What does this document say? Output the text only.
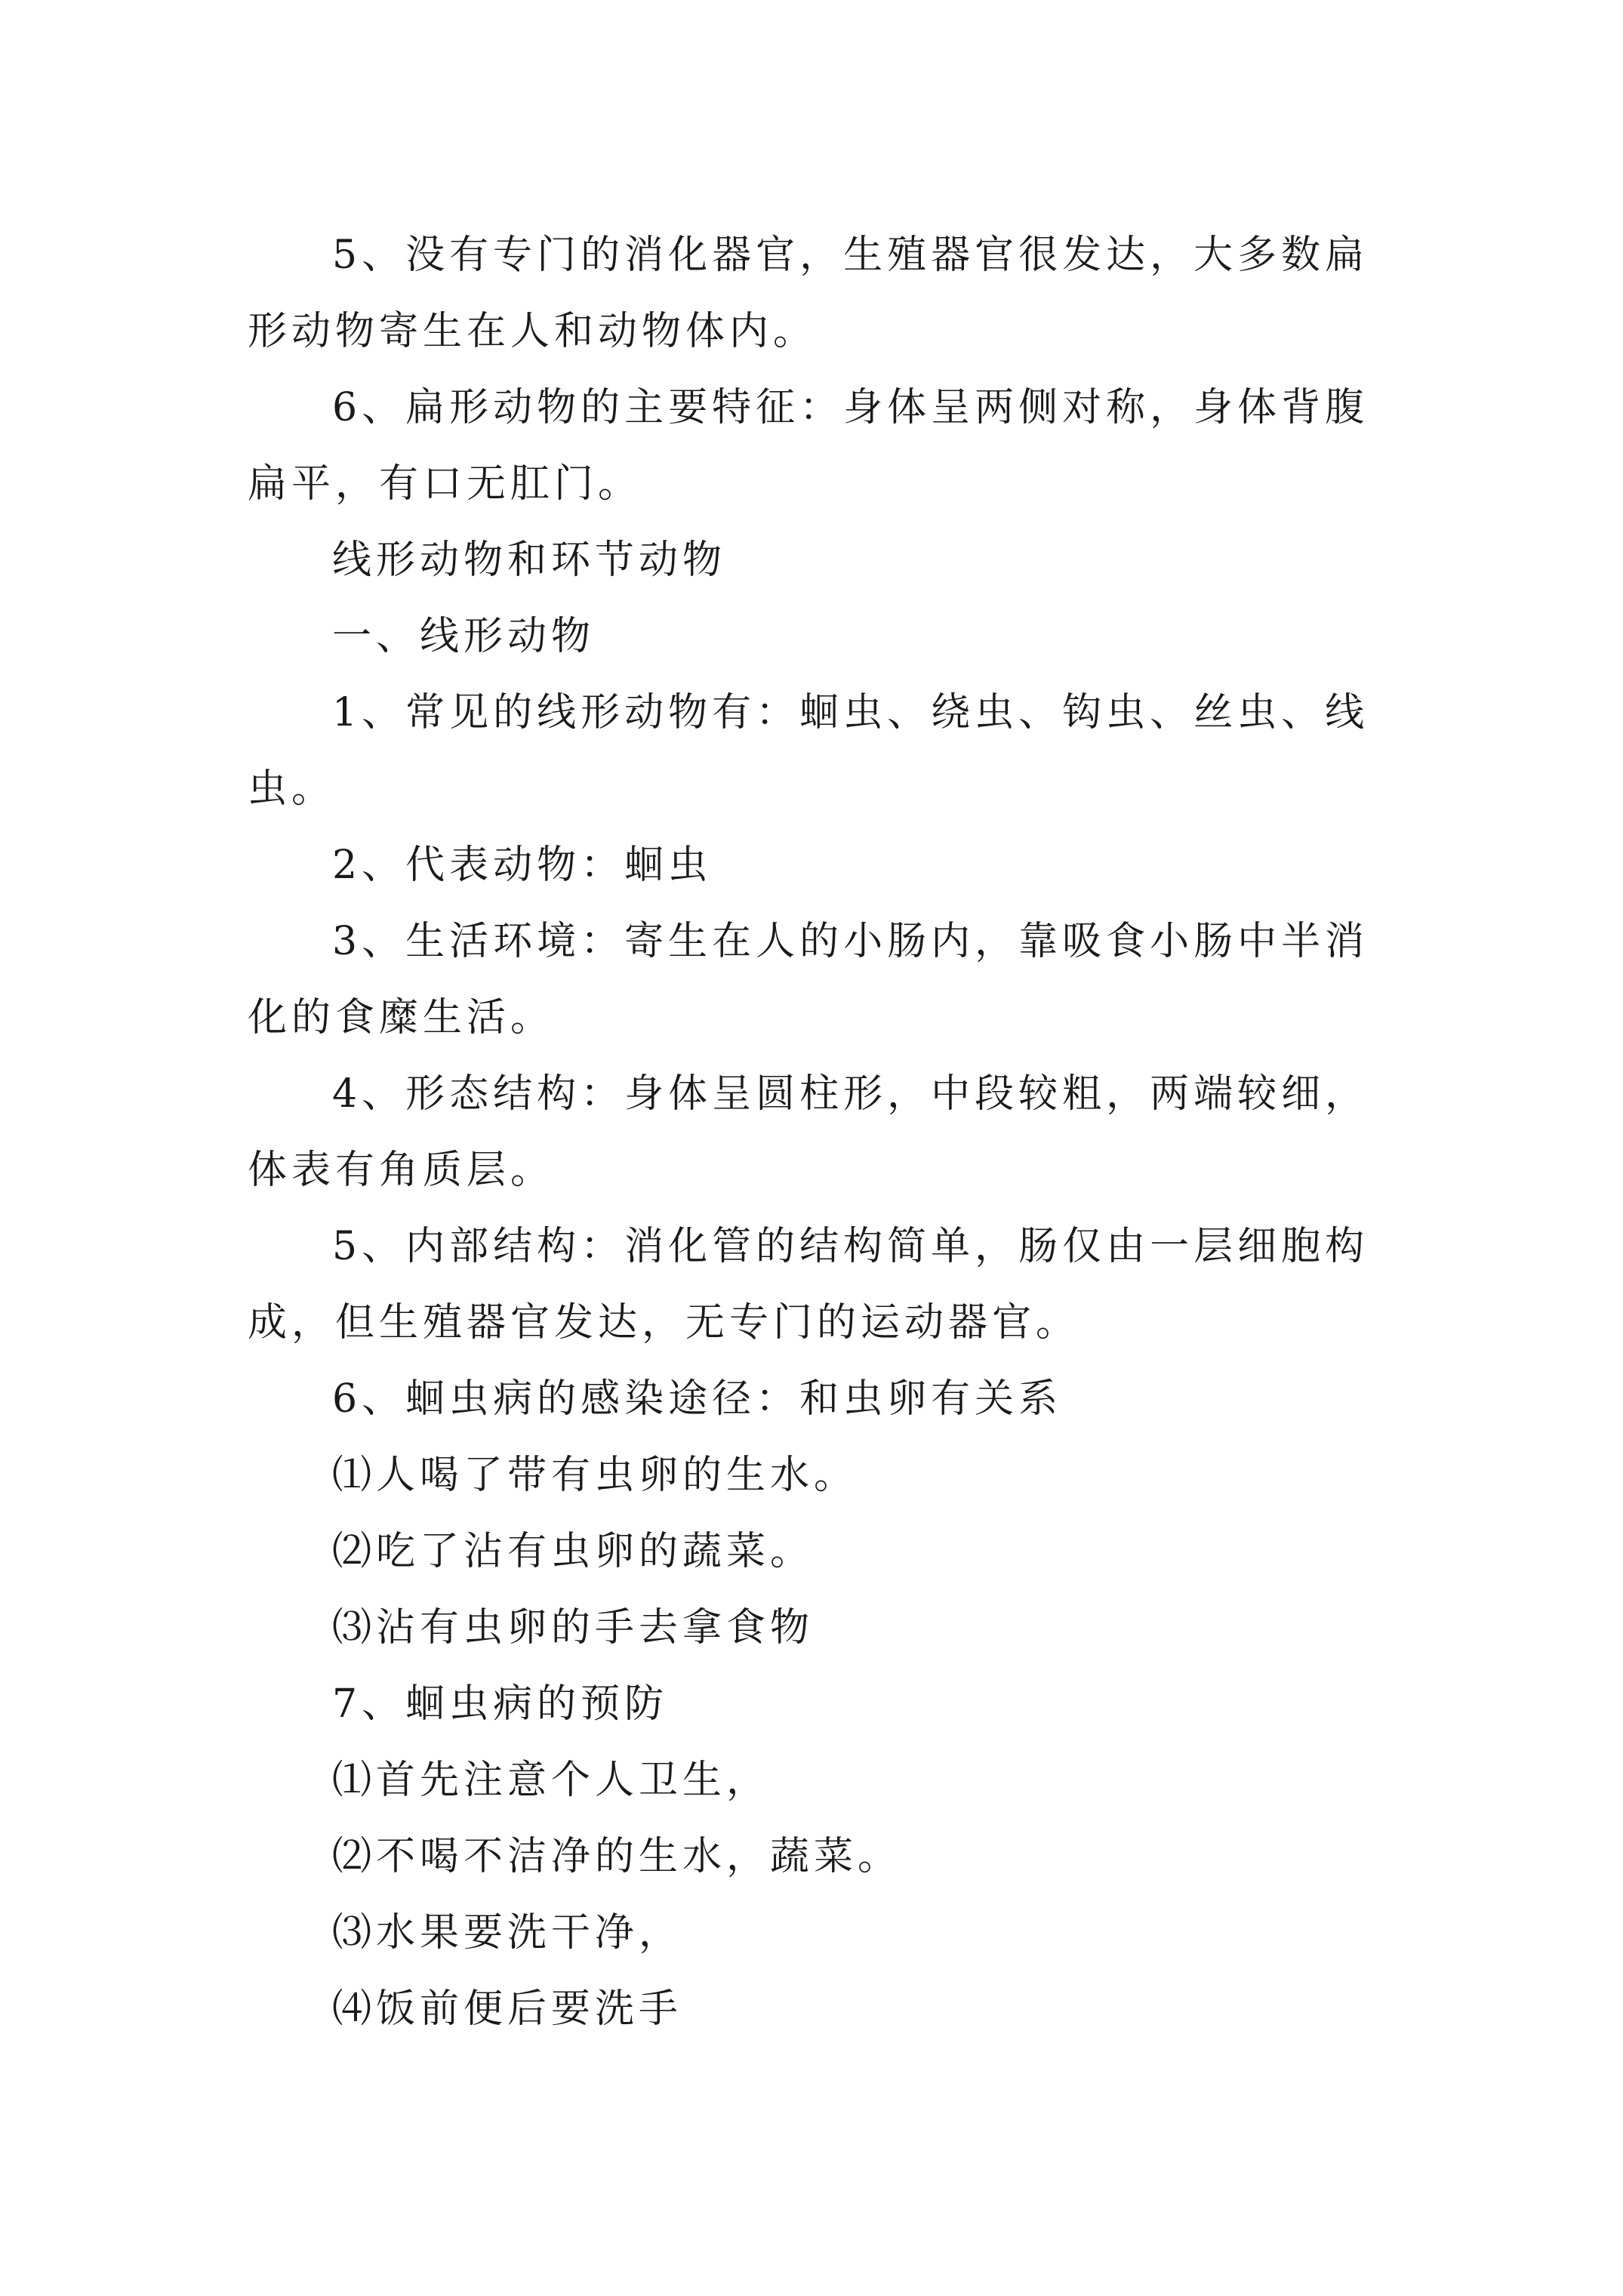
5、没有专门的消化器官，生殖器官很发达，大多数扁形动物寄生在人和动物体内。

6、扁形动物的主要特征：身体呈两侧对称，身体背腹扁平，有口无肛门。

线形动物和环节动物

一、线形动物

1、常见的线形动物有：蛔虫、绕虫、钩虫、丝虫、线虫。

2、代表动物：蛔虫

3、生活环境：寄生在人的小肠内，靠吸食小肠中半消化的食糜生活。

4、形态结构：身体呈圆柱形，中段较粗，两端较细，体表有角质层。

5、内部结构：消化管的结构简单，肠仅由一层细胞构成，但生殖器官发达，无专门的运动器官。

6、蛔虫病的感染途径：和虫卵有关系

⑴人喝了带有虫卵的生水。

⑵吃了沾有虫卵的蔬菜。

⑶沾有虫卵的手去拿食物

7、蛔虫病的预防

⑴首先注意个人卫生，

⑵不喝不洁净的生水，蔬菜。

⑶水果要洗干净，

⑷饭前便后要洗手
